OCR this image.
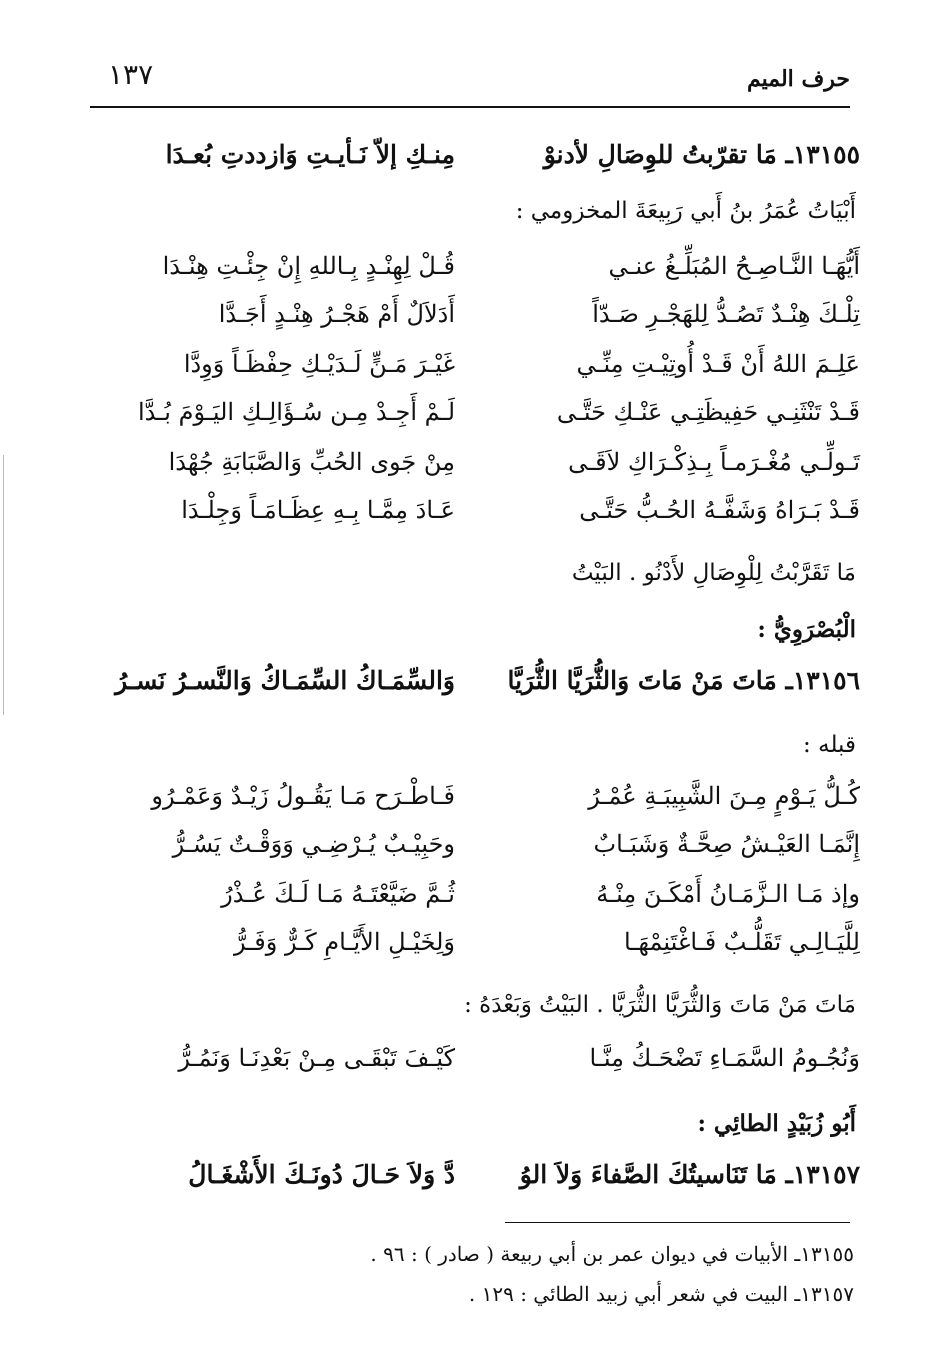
١٣٧	حرف الميم
١٣١٥٥ـ مَا تقرّبتُ للوِصَالِ لأدنوْ
مِنـكِ إلاّ نَـأيـتِ وَازددتِ بُعـدَا
أَبْيَاتُ عُمَرُ بنُ أَبي رَبِيعَةَ المخزومي :
أَيُّهَـا النَّـاصِـحُ المُبَلِّـغُ عنـي
قُـلْ لِهِنْـدٍ بِـاللهِ إِنْ جِئْـتِ هِنْـدَا
تِلْـكَ هِنْـدٌ تَصُـدُّ لِلهَجْـرِ صَـدّاً
أَدَلاَلٌ أَمْ هَجْـرُ هِنْـدٍ أَجَـدَّا
عَلِـمَ اللهُ أَنْ قَـدْ أُوتِيْـتِ مِنِّـي
غَيْـرَ مَـنٍّ لَـدَيْـكِ حِفْظَـاً وَوِدَّا
قَـدْ تَنْثَنِـي حَفِيظَتِـي عَنْـكِ حَتَّـى
لَـمْ أَجِـدْ مِـن سُـؤَالِـكِ اليَـوْمَ بُـدَّا
تَـولِّـي مُغْـرَمـاً بِـذِكْـرَاكِ لاَقَـى
مِنْ جَوى الحُبِّ وَالصَّبَابَةِ جُهْدَا
قَـدْ بَـرَاهُ وَشَفَّـهُ الحُـبُّ حَتَّـى
عَـادَ مِمَّـا بِـهِ عِظَـامَـاً وَجِلْـدَا
مَا تَقَرَّبْتُ لِلْوِصَالِ لأَدْنُو . البَيْتُ
الْبُصْرَوِيُّ :
١٣١٥٦ـ مَاتَ مَنْ مَاتَ وَالثُّرَيَّا الثُّرَيَّا
وَالسِّمَـاكُ السِّمَـاكُ وَالنَّسـرُ نَسـرُ
قبله :
كُـلُّ يَـوْمٍ مِـنَ الشَّبِيبَـةِ عُمْـرُ
فَـاطْـرَح مَـا يَقُـولُ زَيْـدٌ وَعَمْـرُو
إِنَّمَـا العَيْـشُ صِحَّـةٌ وَشَبَـابٌ
وحَبِيْـبٌ يُـرْضِـي وَوَقْـتٌ يَسُـرُّ
وإذ مَـا الـزَّمَـانُ أَمْكَـنَ مِنْـهُ
ثُـمَّ ضَيَّعْتَـهُ مَـا لَـكَ عُـذْرُ
لِلَّيَـالِـي تَقَلُّـبٌ فَـاغْتَنِمْهَـا
وَلِخَيْـلِ الأَيَّـامِ كَـرٌّ وَفَـرُّ
مَاتَ مَنْ مَاتَ وَالثُّرَيَّا الثُّرَيَّا . البَيْتُ وَبَعْدَهُ :
وَنُجُـومُ السَّمَـاءِ تَضْحَـكُ مِنَّـا
كَيْـفَ تَبْقَـى مِـنْ بَعْدِنَـا وَنَمُـرُّ
أَبُو زُبَيْدٍ الطائِي :
١٣١٥٧ـ مَا تَنَاسيتُكَ الصَّفاءَ وَلاَ الوُ
دَّ وَلاَ حَـالَ دُونَـكَ الأَشْغَـالُ
١٣١٥٥ـ الأبيات في ديوان عمر بن أبي ربيعة ( صادر ) : ٩٦ .
١٣١٥٧ـ البيت في شعر أبي زبيد الطائي : ١٢٩ .
